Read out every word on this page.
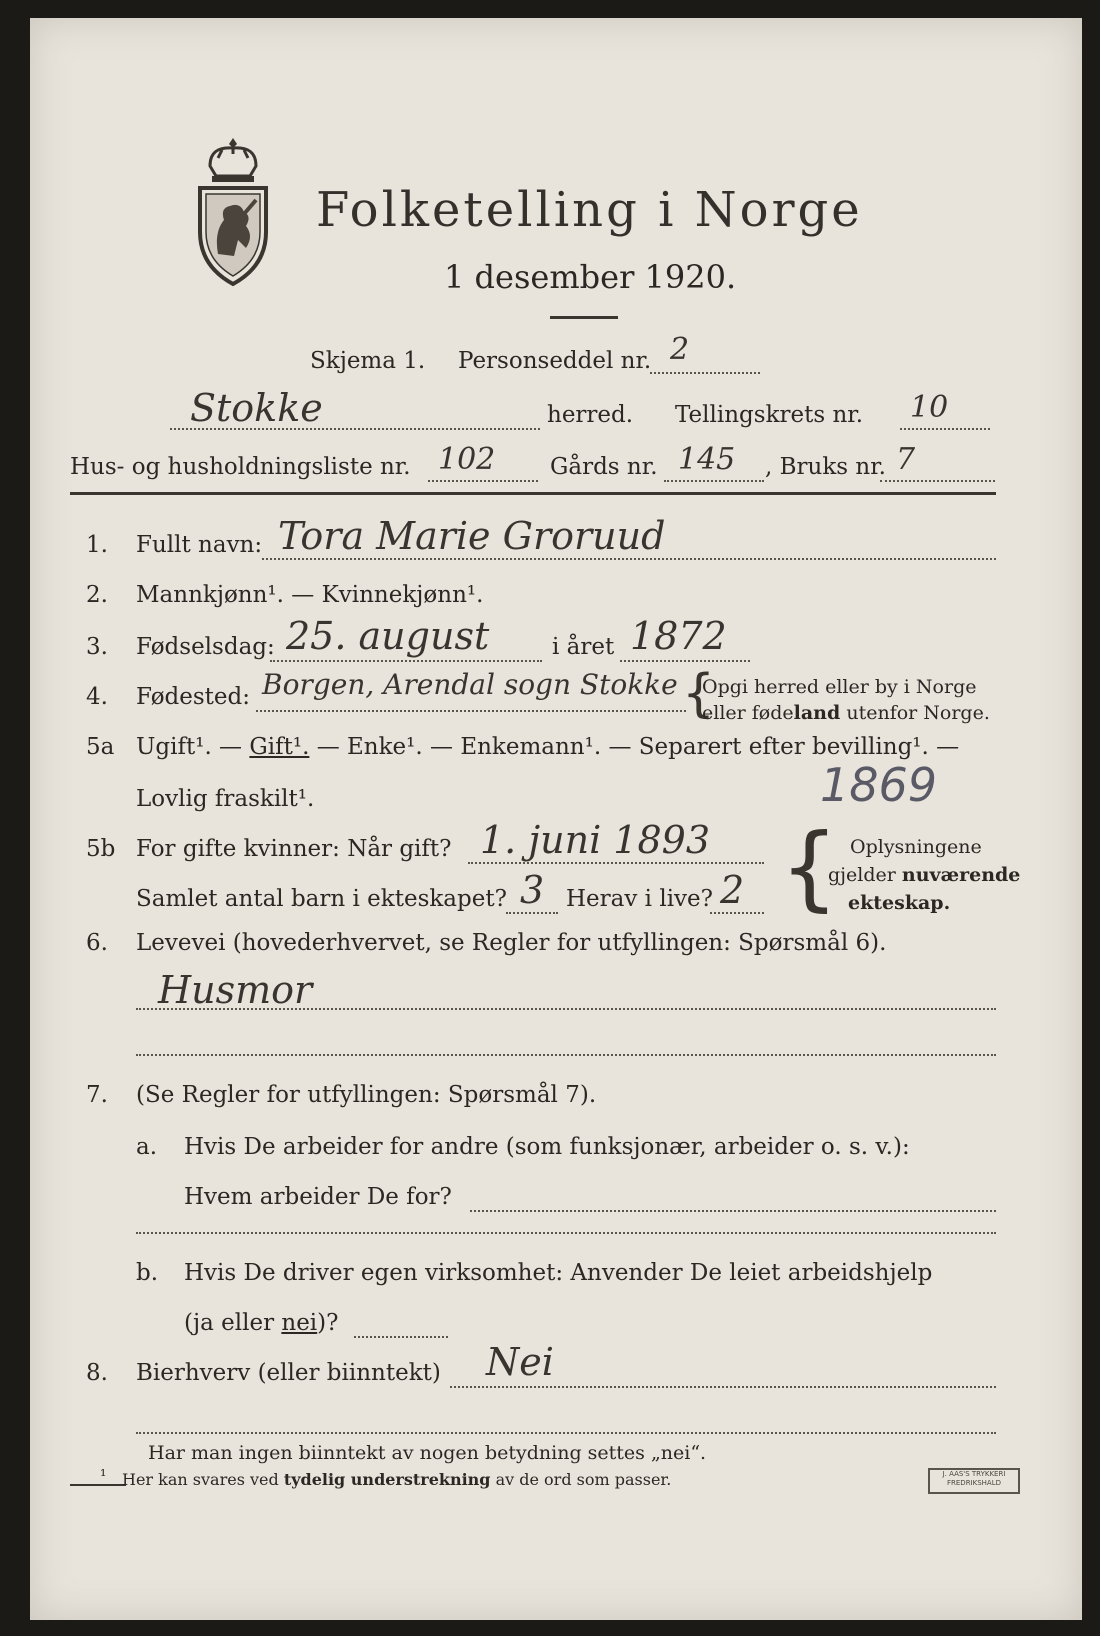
Folketelling i Norge
1 desember 1920.
Skjema 1. Personseddel nr. 2
Stokke	herred. Tellingskrets nr. 10
Hus- og husholdningsliste nr. 102 Gårds nr. 145 , Bruks nr. 7
1. Fullt navn: Tora Marie Groruud
2. Mannkjønn¹. — Kvinnekjønn¹.
3. Fødselsdag: 25. august	i året 1872
4. Fødested: Borgen, Arendal sogn Stokke {
Opgi herred eller by i Norge
eller fødeland utenfor Norge.
5a Ugift¹. — Gift¹. — Enke¹. — Enkemann¹. — Separert efter bevilling¹. —
Lovlig fraskilt¹.	1869
5b For gifte kvinner: Når gift? 1. juni 1893
Samlet antal barn i ekteskapet? 3 Herav i live? 2 { Oplysningene
gjelder nuværende
ekteskap.
6. Levevei (hovederhvervet, se Regler for utfyllingen: Spørsmål 6).
Husmor
7. (Se Regler for utfyllingen: Spørsmål 7).
a. Hvis De arbeider for andre (som funksjonær, arbeider o. s. v.):
Hvem arbeider De for?
b. Hvis De driver egen virksomhet: Anvender De leiet arbeidshjelp
(ja eller nei)?
8. Bierhverv (eller biinntekt) Nei
Har man ingen biinntekt av nogen betydning settes „nei“.
¹ Her kan svares ved tydelig understrekning av de ord som passer.	J. AAS'S TRYKKERI
FREDRIKSHALD
